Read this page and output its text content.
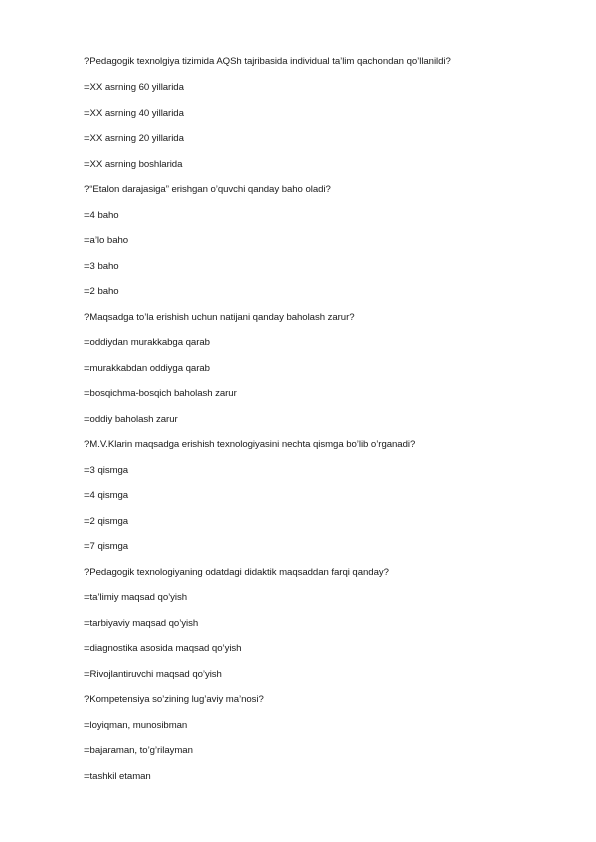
?Pedagogik texnolgiya tizimida AQSh tajribasida individual ta’lim qachondan qo’llanildi?
=XX asrning 60 yillarida
=XX asrning 40 yillarida
=XX asrning 20 yillarida
=XX asrning boshlarida
?“Etalon darajasiga” erishgan o’quvchi qanday baho oladi?
=4 baho
=a’lo baho
=3 baho
=2 baho
?Maqsadga to’la erishish uchun natijani qanday baholash zarur?
=oddiydan murakkabga qarab
=murakkabdan oddiyga qarab
=bosqichma-bosqich baholash zarur
=oddiy baholash zarur
?M.V.Klarin maqsadga erishish texnologiyasini nechta qismga bo’lib o’rganadi?
=3 qismga
=4 qismga
=2 qismga
=7 qismga
?Pedagogik texnologiyaning odatdagi didaktik maqsaddan farqi qanday?
=ta’limiy maqsad qo’yish
=tarbiyaviy maqsad qo’yish
=diagnostika asosida maqsad qo’yish
=Rivojlantiruvchi maqsad qo’yish
?Kompetensiya so’zining lug’aviy ma’nosi?
=loyiqman, munosibman
=bajaraman, to’g’rilayman
=tashkil etaman
